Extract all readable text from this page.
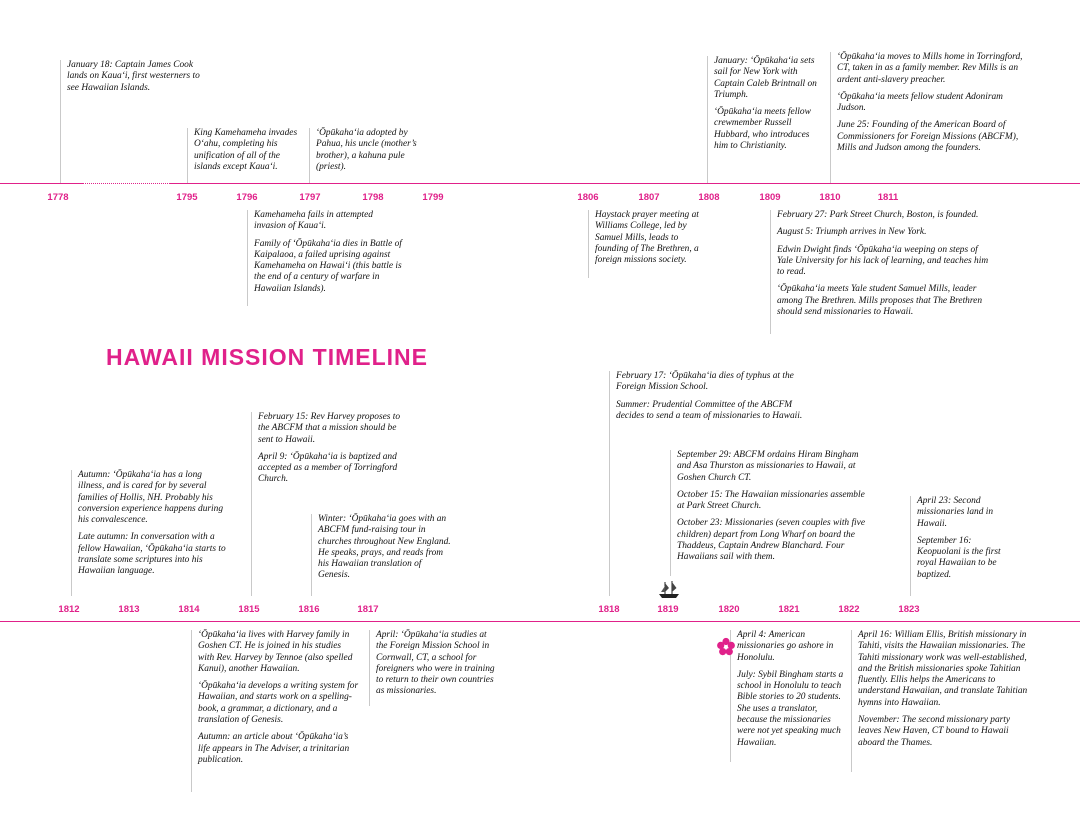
HAWAII MISSION TIMELINE
1778	1795	1796	1797	1798	1799	1806	1807	1808	1809	1810	1811
1812	1813	1814	1815	1816	1817	1818	1819	1820	1821	1822	1823

January 18: Captain James Cook lands on Kaua‘i, first westerners to see Hawaiian Islands.

King Kamehameha invades O‘ahu, completing his unification of all of the islands except Kaua‘i.

‘Ōpūkaha‘ia adopted by Pahua, his uncle (mother’s brother), a kahuna pule (priest).

January: ‘Ōpūkaha‘ia sets sail for New York with Captain Caleb Brintnall on Triumph.

‘Ōpūkaha‘ia meets fellow crewmember Russell Hubbard, who introduces him to Christianity.

‘Ōpūkaha‘ia moves to Mills home in Torringford, CT, taken in as a family member. Rev Mills is an ardent anti-slavery preacher.

‘Ōpūkaha‘ia meets fellow student Adoniram Judson.

June 25: Founding of the American Board of Commissioners for Foreign Missions (ABCFM), Mills and Judson among the founders.

Kamehameha fails in attempted invasion of Kaua‘i.

Family of ‘Ōpūkaha‘ia dies in Battle of Kaipalaoa, a failed uprising against Kamehameha on Hawai‘i (this battle is the end of a century of warfare in Hawaiian Islands).

Haystack prayer meeting at Williams College, led by Samuel Mills, leads to founding of The Brethren, a foreign missions society.

February 27: Park Street Church, Boston, is founded.

August 5: Triumph arrives in New York.

Edwin Dwight finds ‘Ōpūkaha‘ia weeping on steps of Yale University for his lack of learning, and teaches him to read.

‘Ōpūkaha‘ia meets Yale student Samuel Mills, leader among The Brethren. Mills proposes that The Brethren should send missionaries to Hawaii.

Autumn: ‘Ōpūkaha‘ia has a long illness, and is cared for by several families of Hollis, NH. Probably his conversion experience happens during his convalescence.

Late autumn: In conversation with a fellow Hawaiian, ‘Ōpūkaha‘ia starts to translate some scriptures into his Hawaiian language.

February 15: Rev Harvey proposes to the ABCFM that a mission should be sent to Hawaii.

April 9: ‘Ōpūkaha‘ia is baptized and accepted as a member of Torringford Church.

Winter: ‘Ōpūkaha‘ia goes with an ABCFM fund-raising tour in churches throughout New England. He speaks, prays, and reads from his Hawaiian translation of Genesis.

February 17: ‘Ōpūkaha‘ia dies of typhus at the Foreign Mission School.

Summer: Prudential Committee of the ABCFM decides to send a team of missionaries to Hawaii.

September 29: ABCFM ordains Hiram Bingham and Asa Thurston as missionaries to Hawaii, at Goshen Church CT.

October 15: The Hawaiian missionaries assemble at Park Street Church.

October 23: Missionaries (seven couples with five children) depart from Long Wharf on board the Thaddeus, Captain Andrew Blanchard. Four Hawaiians sail with them.

April 23: Second missionaries land in Hawaii.

September 16: Keopuolani is the first royal Hawaiian to be baptized.

‘Ōpūkaha‘ia lives with Harvey family in Goshen CT. He is joined in his studies with Rev. Harvey by Tennoe (also spelled Kanui), another Hawaiian.

‘Ōpūkaha‘ia develops a writing system for Hawaiian, and starts work on a spelling-book, a grammar, a dictionary, and a translation of Genesis.

Autumn: an article about ‘Ōpūkaha‘ia’s life appears in The Adviser, a trinitarian publication.

April: ‘Ōpūkaha‘ia studies at the Foreign Mission School in Cornwall, CT, a school for foreigners who were in training to return to their own countries as missionaries.

April 4: American missionaries go ashore in Honolulu.

July: Sybil Bingham starts a school in Honolulu to teach Bible stories to 20 students. She uses a translator, because the missionaries were not yet speaking much Hawaiian.

April 16: William Ellis, British missionary in Tahiti, visits the Hawaiian missionaries. The Tahiti missionary work was well-established, and the British missionaries spoke Tahitian fluently. Ellis helps the Americans to understand Hawaiian, and translate Tahitian hymns into Hawaiian.

November: The second missionary party leaves New Haven, CT bound to Hawaii aboard the Thames.
